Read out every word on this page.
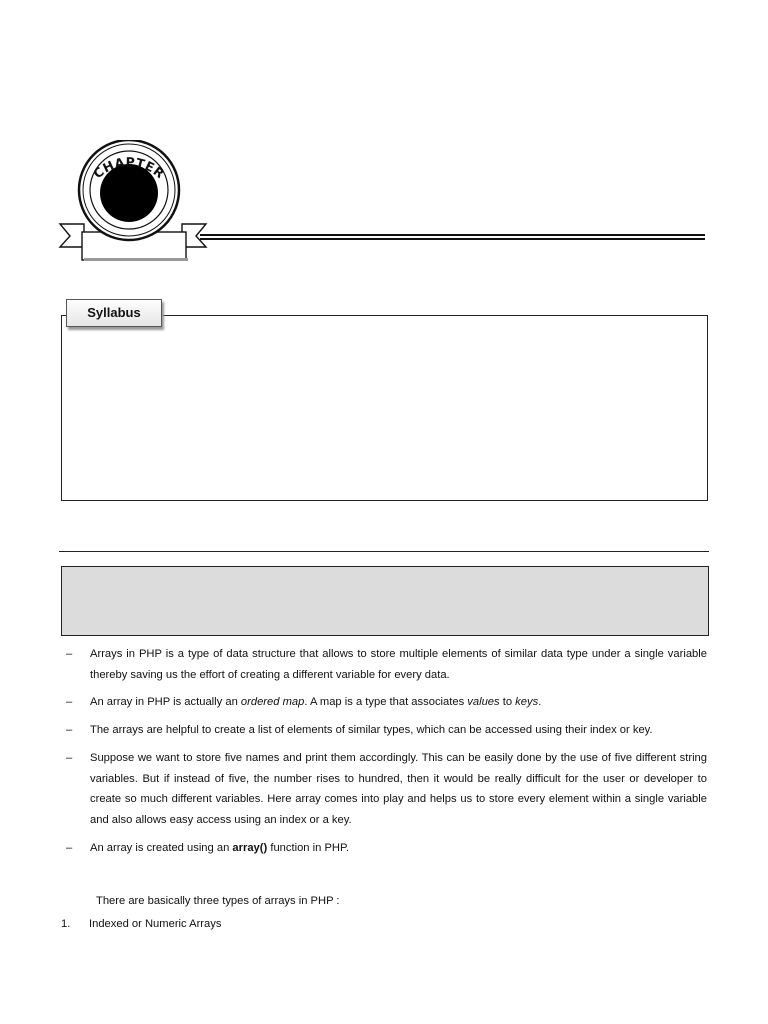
CHAPTER
Syllabus
– Arrays in PHP is a type of data structure that allows to store multiple elements of similar data type under a single variable thereby saving us the effort of creating a different variable for every data.
– An array in PHP is actually an ordered map. A map is a type that associates values to keys.
– The arrays are helpful to create a list of elements of similar types, which can be accessed using their index or key.
– Suppose we want to store five names and print them accordingly. This can be easily done by the use of five different string variables. But if instead of five, the number rises to hundred, then it would be really difficult for the user or developer to create so much different variables. Here array comes into play and helps us to store every element within a single variable and also allows easy access using an index or a key.
– An array is created using an array() function in PHP.
There are basically three types of arrays in PHP :
1. Indexed or Numeric Arrays
